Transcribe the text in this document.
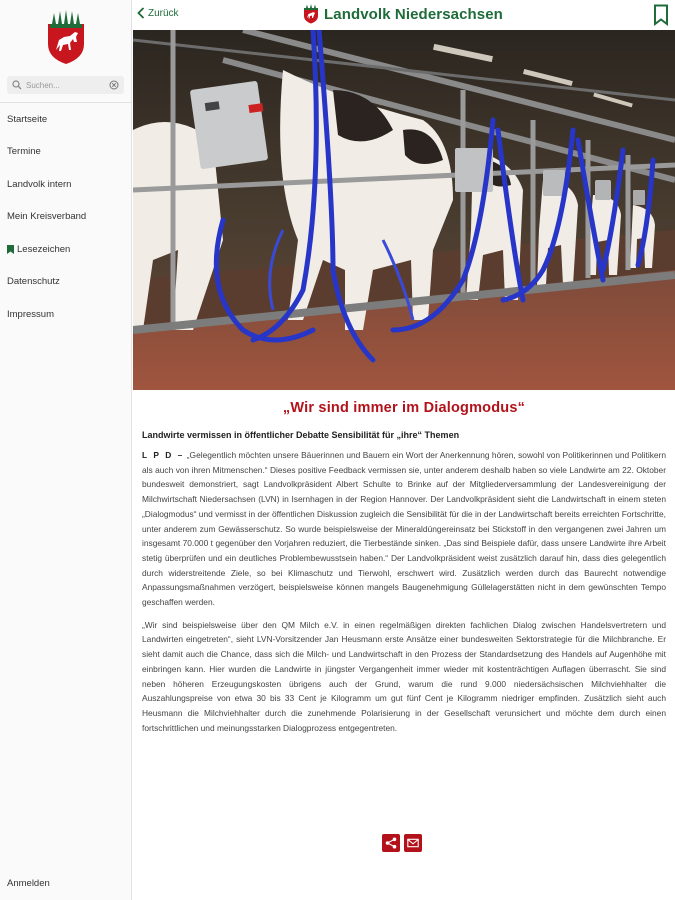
Suchen...
Startseite
Termine
Landvolk intern
Mein Kreisverband
Lesezeichen
Datenschutz
Impressum
Anmelden
Zurück	Landvolk Niedersachsen
„Wir sind immer im Dialogmodus“
Landwirte vermissen in öffentlicher Debatte Sensibilität für „ihre“ Themen

L P D – „Gelegentlich möchten unsere Bäuerinnen und Bauern ein Wort der Anerkennung hören, sowohl von Politikerinnen und Politikern als auch von ihren Mitmenschen.“ Dieses positive Feedback vermissen sie, unter anderem deshalb haben so viele Landwirte am 22. Oktober bundesweit demonstriert, sagt Landvolkpräsident Albert Schulte to Brinke auf der Mitgliederversammlung der Landesvereinigung der Milchwirtschaft Niedersachsen (LVN) in Isernhagen in der Region Hannover. Der Landvolkpräsident sieht die Landwirtschaft in einem steten „Dialogmodus“ und vermisst in der öffentlichen Diskussion zugleich die Sensibilität für die in der Landwirtschaft bereits erreichten Fortschritte, unter anderem zum Gewässerschutz. So wurde beispielsweise der Mineraldüngereinsatz bei Stickstoff in den vergangenen zwei Jahren um insgesamt 70.000 t gegenüber den Vorjahren reduziert, die Tierbestände sinken. „Das sind Beispiele dafür, dass unsere Landwirte ihre Arbeit stetig überprüfen und ein deutliches Problembewusstsein haben.“ Der Landvolkpräsident weist zusätzlich darauf hin, dass dies gelegentlich durch widerstreitende Ziele, so bei Klimaschutz und Tierwohl, erschwert wird. Zusätzlich werden durch das Baurecht notwendige Anpassungsmaßnahmen verzögert, beispielsweise können mangels Baugenehmigung Güllelagerstätten nicht in dem gewünschten Tempo geschaffen werden.

„Wir sind beispielsweise über den QM Milch e.V. in einen regelmäßigen direkten fachlichen Dialog zwischen Handelsvertretern und Landwirten eingetreten“, sieht LVN-Vorsitzender Jan Heusmann erste Ansätze einer bundesweiten Sektorstrategie für die Milchbranche. Er sieht damit auch die Chance, dass sich die Milch- und Landwirtschaft in den Prozess der Standardsetzung des Handels auf Augenhöhe mit einbringen kann. Hier wurden die Landwirte in jüngster Vergangenheit immer wieder mit kostenträchtigen Auflagen überrascht. Sie sind neben höheren Erzeugungskosten übrigens auch der Grund, warum die rund 9.000 niedersächsischen Milchviehhalter die Auszahlungspreise von etwa 30 bis 33 Cent je Kilogramm um gut fünf Cent je Kilogramm niedriger empfinden. Zusätzlich sieht auch Heusmann die Milchviehhalter durch die zunehmende Polarisierung in der Gesellschaft verunsichert und möchte dem durch einen fortschrittlichen und meinungsstarken Dialogprozess entgegentreten.
